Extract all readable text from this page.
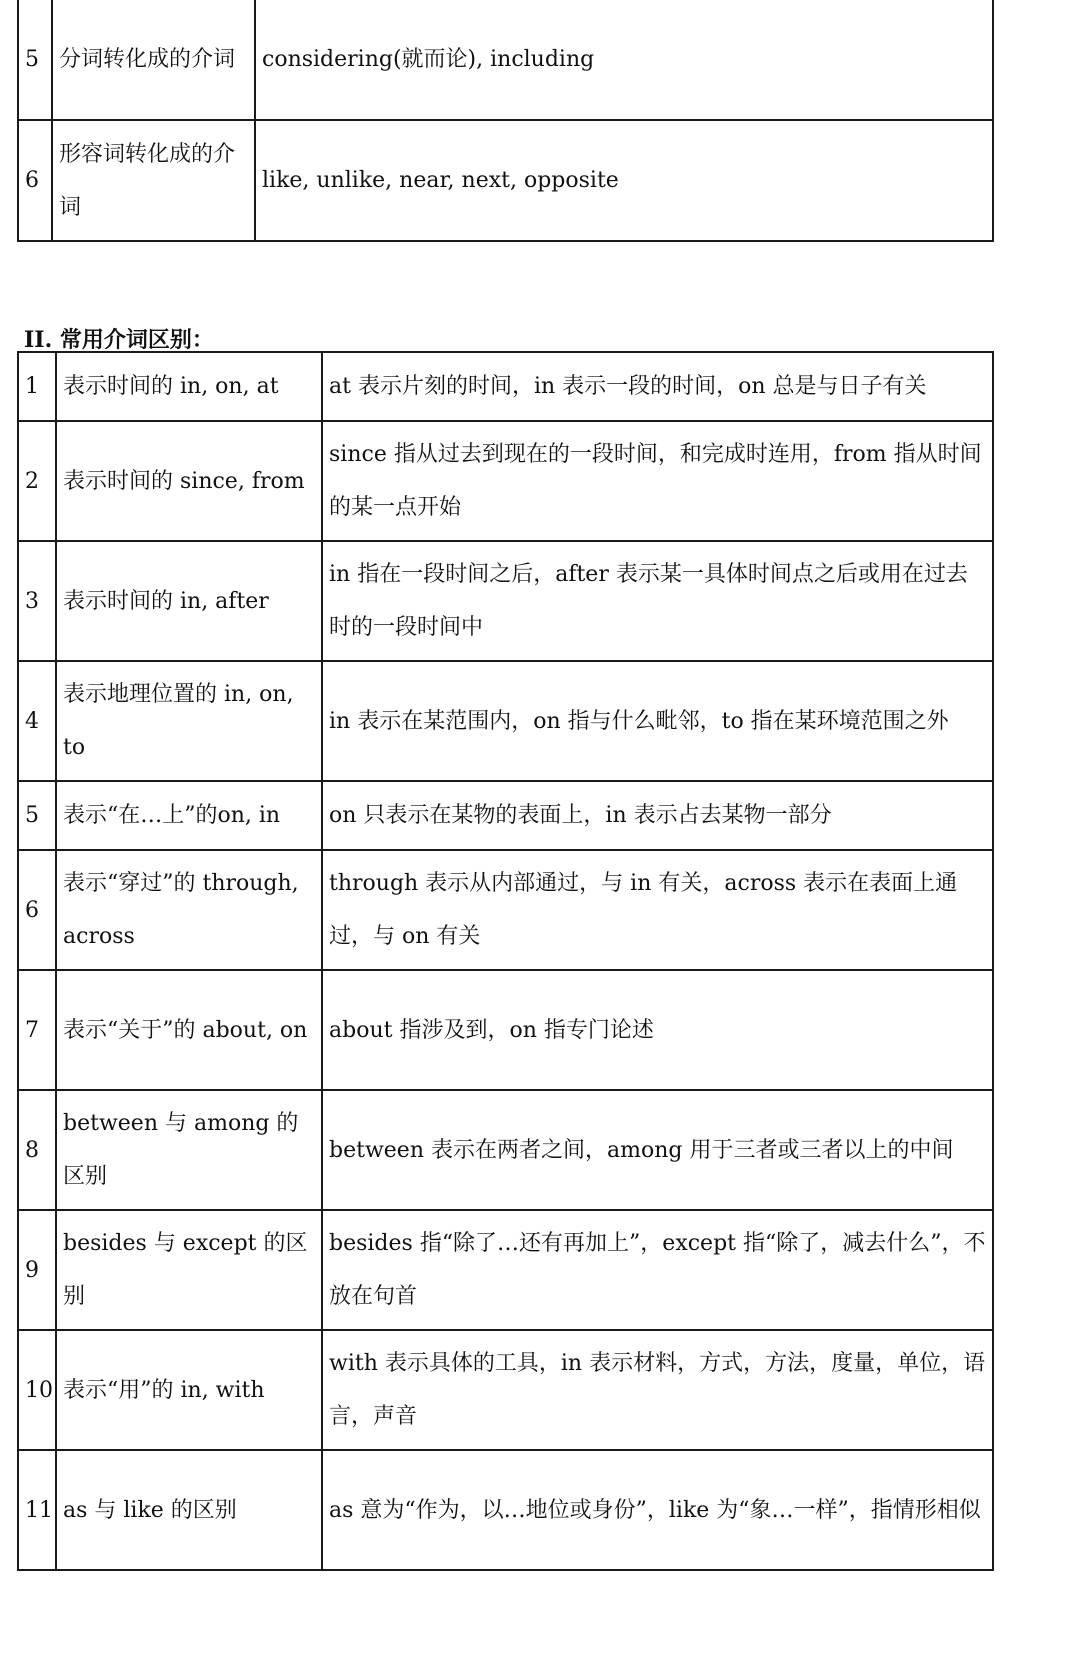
5	分词转化成的介词	considering(就而论), including
6	形容词转化成的介词	like, unlike, near, next, opposite
II. 常用介词区别：
1	表示时间的 in, on, at	at 表示片刻的时间，in 表示一段的时间，on 总是与日子有关
2	表示时间的 since, from	since 指从过去到现在的一段时间，和完成时连用，from 指从时间的某一点开始
3	表示时间的 in, after	in 指在一段时间之后，after 表示某一具体时间点之后或用在过去时的一段时间中
4	表示地理位置的 in, on, to	in 表示在某范围内，on 指与什么毗邻，to 指在某环境范围之外
5	表示“在…上”的on, in	on 只表示在某物的表面上，in 表示占去某物一部分
6	表示“穿过”的 through, across	through 表示从内部通过，与 in 有关，across 表示在表面上通过，与 on 有关
7	表示“关于”的 about, on	about 指涉及到，on 指专门论述
8	between 与 among 的区别	between 表示在两者之间，among 用于三者或三者以上的中间
9	besides 与 except 的区别	besides 指“除了…还有再加上”，except 指“除了，减去什么”，不放在句首
10	表示“用”的 in, with	with 表示具体的工具，in 表示材料，方式，方法，度量，单位，语言，声音
11	as 与 like 的区别	as 意为“作为，以…地位或身份”，like 为“象…一样”，指情形相似
